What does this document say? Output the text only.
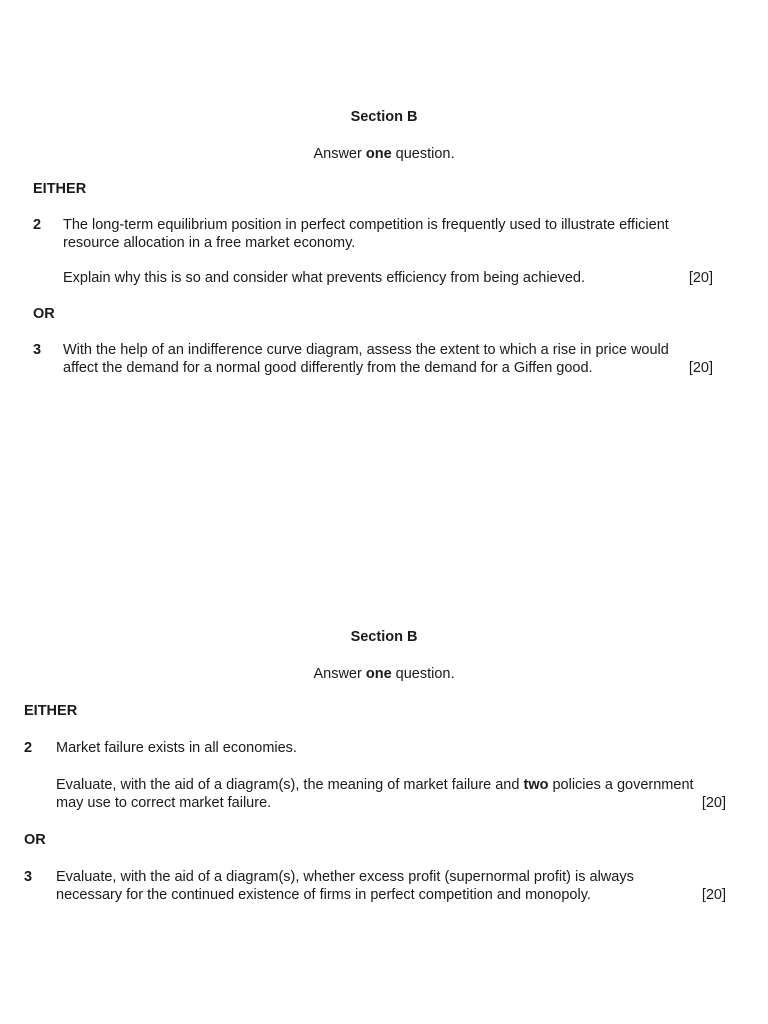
Section B
Answer one question.
EITHER
2 The long-term equilibrium position in perfect competition is frequently used to illustrate efficient
resource allocation in a free market economy.
Explain why this is so and consider what prevents efficiency from being achieved.	[20]
OR
3 With the help of an indifference curve diagram, assess the extent to which a rise in price would
affect the demand for a normal good differently from the demand for a Giffen good.	[20]
Section B
Answer one question.
EITHER
2 Market failure exists in all economies.
Evaluate, with the aid of a diagram(s), the meaning of market failure and two policies a government
may use to correct market failure.	[20]
OR
3 Evaluate, with the aid of a diagram(s), whether excess profit (supernormal profit) is always
necessary for the continued existence of firms in perfect competition and monopoly.	[20]
